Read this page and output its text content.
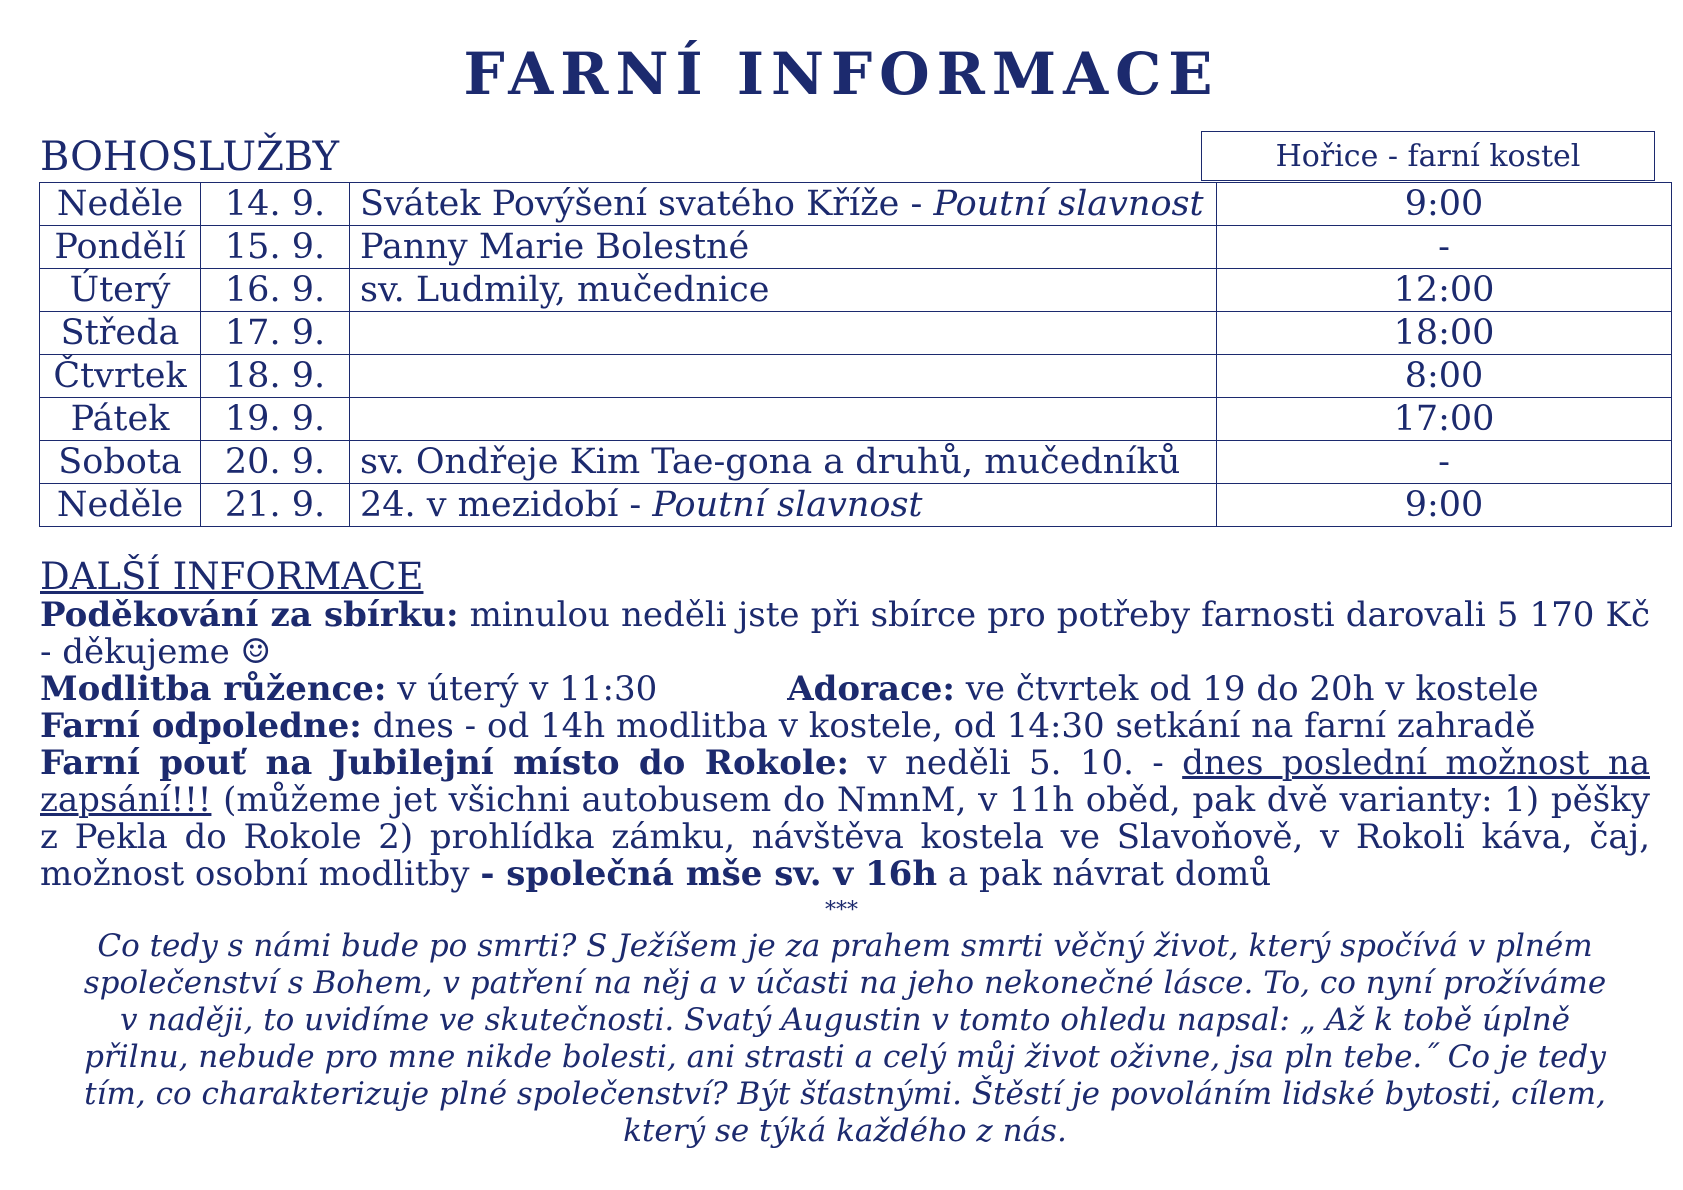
FARNÍ INFORMACE
BOHOSLUŽBY	Hořice - farní kostel
Neděle	14. 9.	Svátek Povýšení svatého Kříže - Poutní slavnost	9:00
Pondělí	15. 9.	Panny Marie Bolestné	-
Úterý	16. 9.	sv. Ludmily, mučednice	12:00
Středa	17. 9.		18:00
Čtvrtek	18. 9.		8:00
Pátek	19. 9.		17:00
Sobota	20. 9.	sv. Ondřeje Kim Tae-gona a druhů, mučedníků	-
Neděle	21. 9.	24. v mezidobí - Poutní slavnost	9:00

DALŠÍ INFORMACE

Poděkování za sbírku: minulou neděli jste při sbírce pro potřeby farnosti darovali 5 170 Kč - děkujeme ☺

Modlitba růžence: v úterý v 11:30	Adorace: ve čtvrtek od 19 do 20h v kostele

Farní odpoledne: dnes - od 14h modlitba v kostele, od 14:30 setkání na farní zahradě

Farní pouť na Jubilejní místo do Rokole: v neděli 5. 10. - dnes poslední možnost na zapsání!!! (můžeme jet všichni autobusem do NmnM, v 11h oběd, pak dvě varianty: 1) pěšky z Pekla do Rokole 2) prohlídka zámku, návštěva kostela ve Slavoňově, v Rokoli káva, čaj, možnost osobní modlitby - společná mše sv. v 16h a pak návrat domů

***
Co tedy s námi bude po smrti? S Ježíšem je za prahem smrti věčný život, který spočívá v plném společenství s Bohem, v patření na něj a v účasti na jeho nekonečné lásce. To, co nyní prožíváme v naději, to uvidíme ve skutečnosti. Svatý Augustin v tomto ohledu napsal: „ Až k tobě úplně přilnu, nebude pro mne nikde bolesti, ani strasti a celý můj život oživne, jsa pln tebe.˝ Co je tedy tím, co charakterizuje plné společenství? Být šťastnými. Štěstí je povoláním lidské bytosti, cílem, který se týká každého z nás.
